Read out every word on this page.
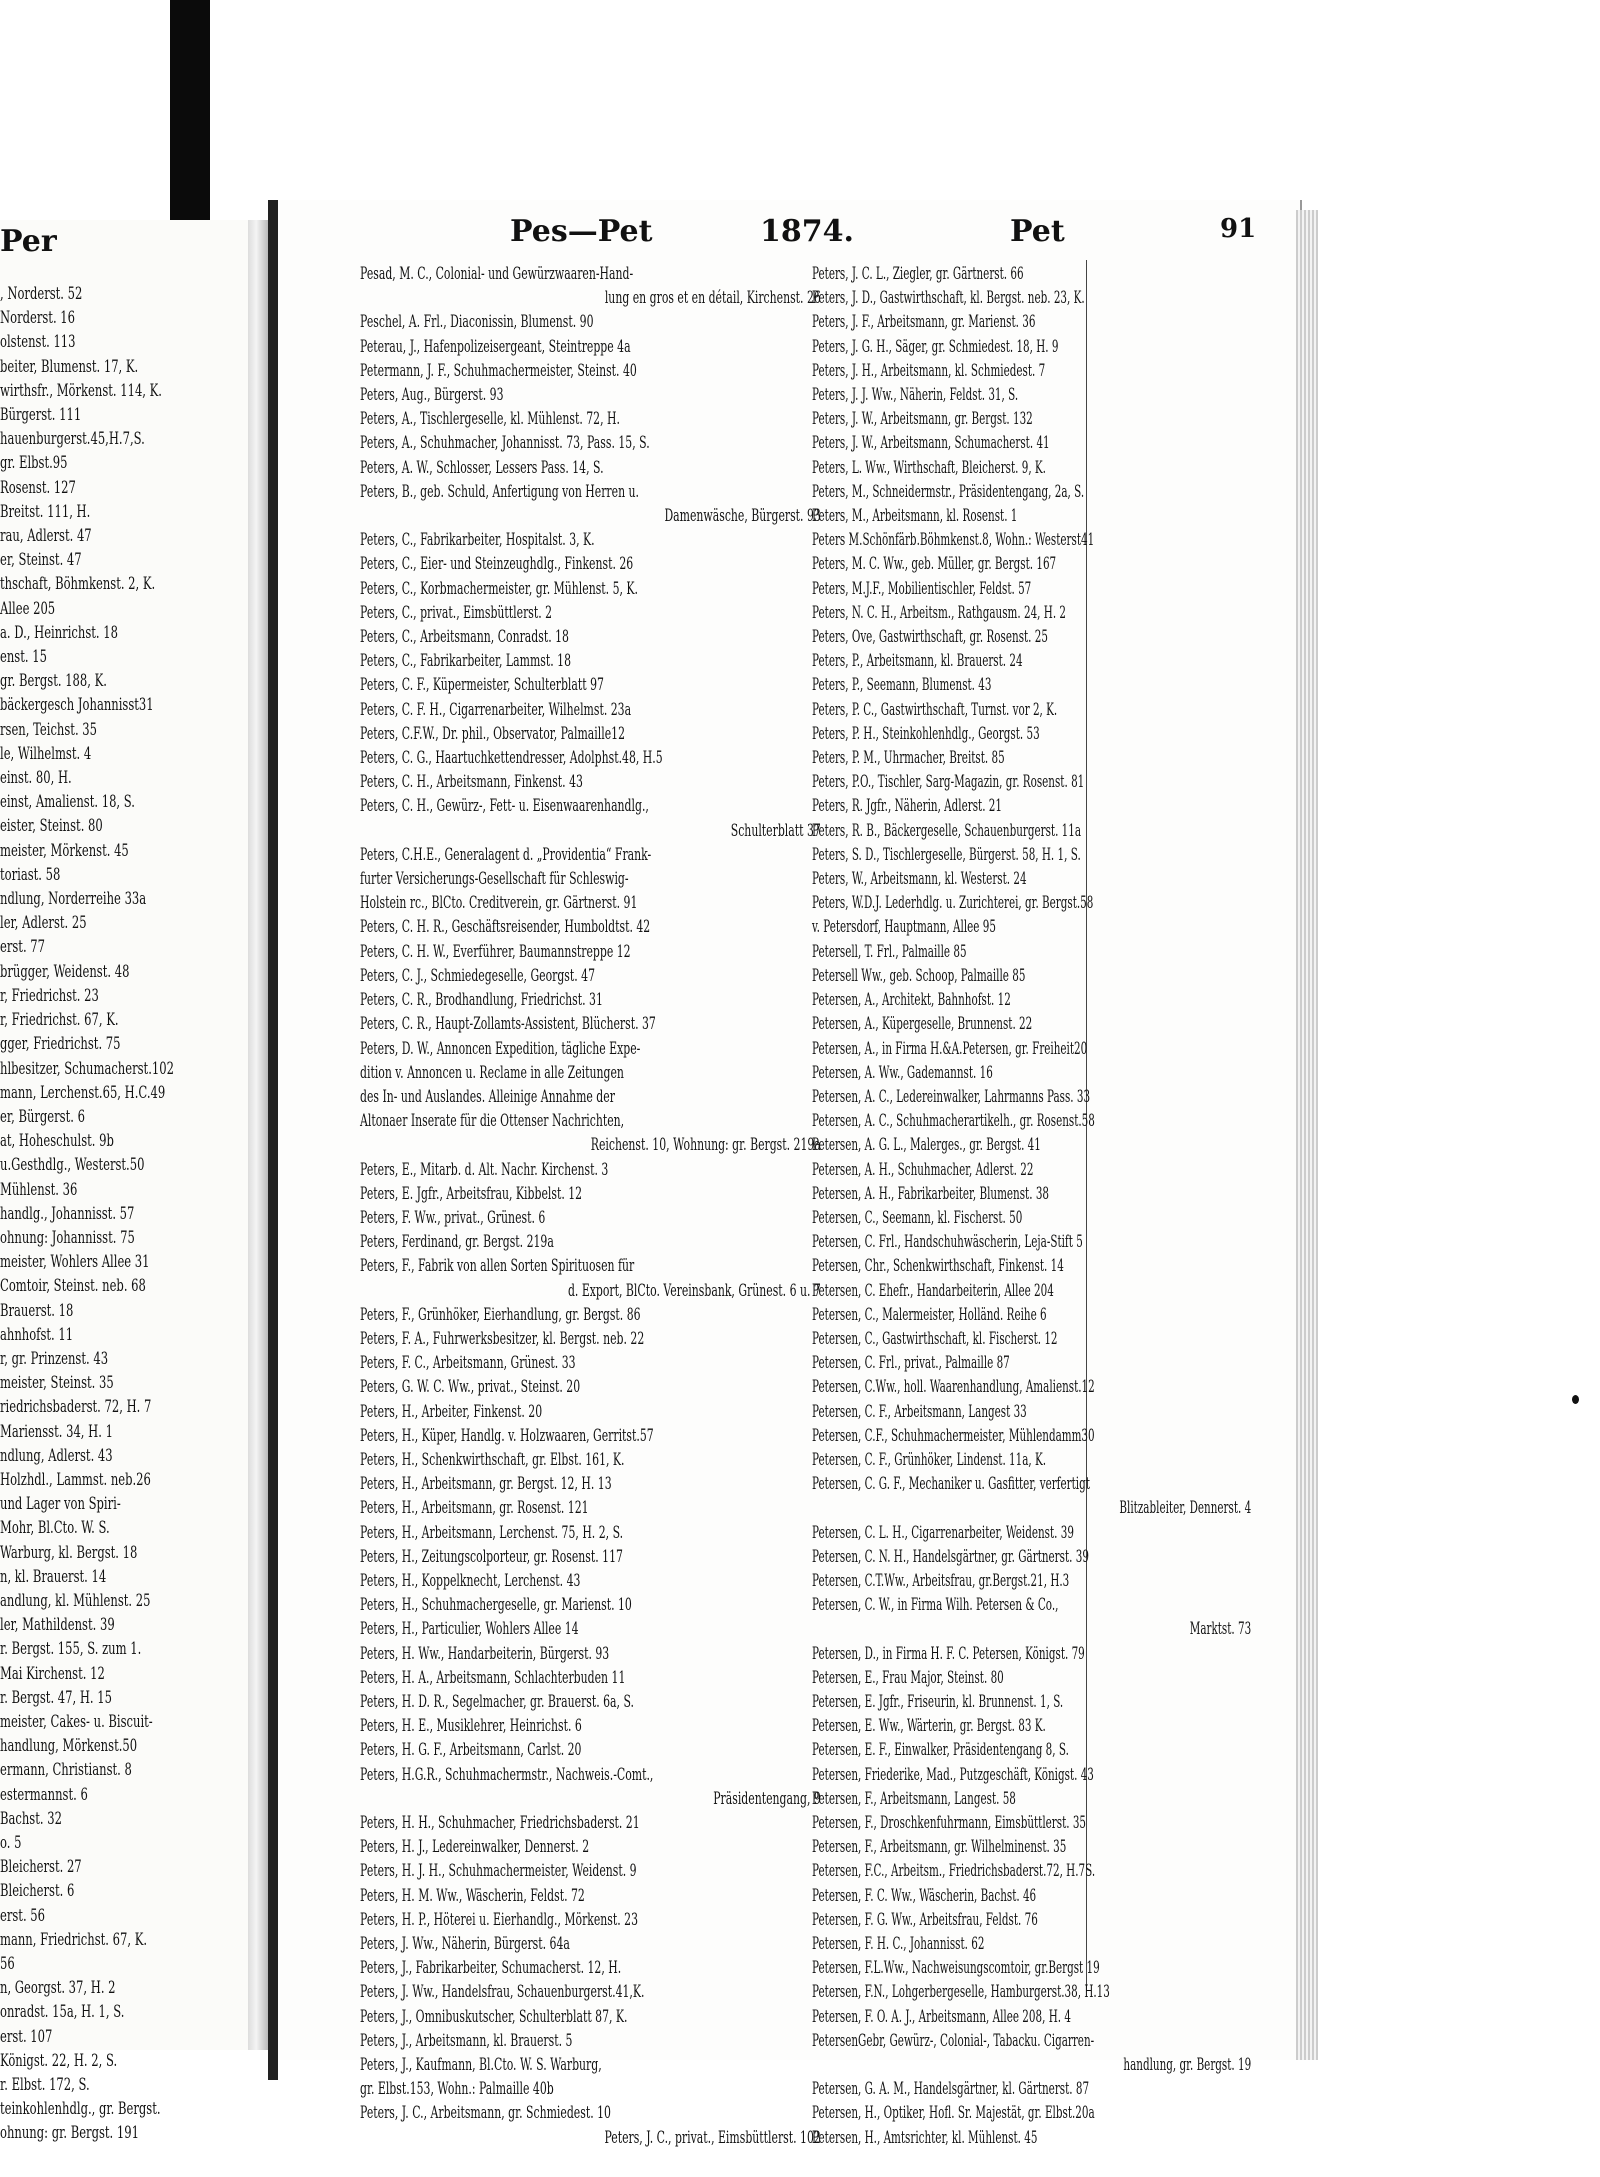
Per
, Norderst. 52
Norderst. 16
olstenst. 113
beiter, Blumenst. 17, K.
wirthsfr., Mörkenst. 114, K.
Bürgerst. 111
hauenburgerst.45,H.7,S.
gr. Elbst.95
Rosenst. 127
Breitst. 111, H.
rau, Adlerst. 47
er, Steinst. 47
thschaft, Böhmkenst. 2, K.
Allee 205
a. D., Heinrichst. 18
enst. 15
gr. Bergst. 188, K.
bäckergesch Johannisst31
rsen, Teichst. 35
le, Wilhelmst. 4
einst. 80, H.
einst, Amalienst. 18, S.
eister, Steinst. 80
meister, Mörkenst. 45
toriast. 58
ndlung, Norderreihe 33a
ler, Adlerst. 25
erst. 77
brügger, Weidenst. 48
r, Friedrichst. 23
r, Friedrichst. 67, K.
gger, Friedrichst. 75
hlbesitzer, Schumacherst.102
mann, Lerchenst.65, H.C.49
er, Bürgerst. 6
at, Hoheschulst. 9b
u.Gesthdlg., Westerst.50
Mühlenst. 36
handlg., Johannisst. 57
ohnung: Johannisst. 75
meister, Wohlers Allee 31
Comtoir, Steinst. neb. 68
Brauerst. 18
ahnhofst. 11
r, gr. Prinzenst. 43
meister, Steinst. 35
riedrichsbaderst. 72, H. 7
Mariensst. 34, H. 1
ndlung, Adlerst. 43
Holzhdl., Lammst. neb.26
und Lager von Spiri-
Mohr, Bl.Cto. W. S.
Warburg, kl. Bergst. 18
n, kl. Brauerst. 14
andlung, kl. Mühlenst. 25
ler, Mathildenst. 39
r. Bergst. 155, S. zum 1.
Mai Kirchenst. 12
r. Bergst. 47, H. 15
meister, Cakes- u. Biscuit-
handlung, Mörkenst.50
ermann, Christianst. 8
estermannst. 6
Bachst. 32
o. 5
Bleicherst. 27
Bleicherst. 6
erst. 56
mann, Friedrichst. 67, K.
56
n, Georgst. 37, H. 2
onradst. 15a, H. 1, S.
erst. 107
Königst. 22, H. 2, S.
r. Elbst. 172, S.
teinkohlenhdlg., gr. Bergst.
ohnung: gr. Bergst. 191
Pes—Pet	1874.	Pet	91
Pesad, M. C., Colonial- und Gewürzwaaren-Hand-
lung en gros et en détail, Kirchenst. 26
Peschel, A. Frl., Diaconissin, Blumenst. 90
Peterau, J., Hafenpolizeisergeant, Steintreppe 4a
Petermann, J. F., Schuhmachermeister, Steinst. 40
Peters, Aug., Bürgerst. 93
Peters, A., Tischlergeselle, kl. Mühlenst. 72, H.
Peters, A., Schuhmacher, Johannisst. 73, Pass. 15, S.
Peters, A. W., Schlosser, Lessers Pass. 14, S.
Peters, B., geb. Schuld, Anfertigung von Herren u.
Damenwäsche, Bürgerst. 93
Peters, C., Fabrikarbeiter, Hospitalst. 3, K.
Peters, C., Eier- und Steinzeughdlg., Finkenst. 26
Peters, C., Korbmachermeister, gr. Mühlenst. 5, K.
Peters, C., privat., Eimsbüttlerst. 2
Peters, C., Arbeitsmann, Conradst. 18
Peters, C., Fabrikarbeiter, Lammst. 18
Peters, C. F., Küpermeister, Schulterblatt 97
Peters, C. F. H., Cigarrenarbeiter, Wilhelmst. 23a
Peters, C.F.W., Dr. phil., Observator, Palmaille12
Peters, C. G., Haartuchkettendresser, Adolphst.48, H.5
Peters, C. H., Arbeitsmann, Finkenst. 43
Peters, C. H., Gewürz-, Fett- u. Eisenwaarenhandlg.,
Schulterblatt 37
Peters, C.H.E., Generalagent d. „Providentia“ Frank-
furter Versicherungs-Gesellschaft für Schleswig-
Holstein rc., BlCto. Creditverein, gr. Gärtnerst. 91
Peters, C. H. R., Geschäftsreisender, Humboldtst. 42
Peters, C. H. W., Everführer, Baumannstreppe 12
Peters, C. J., Schmiedegeselle, Georgst. 47
Peters, C. R., Brodhandlung, Friedrichst. 31
Peters, C. R., Haupt-Zollamts-Assistent, Blücherst. 37
Peters, D. W., Annoncen Expedition, tägliche Expe-
dition v. Annoncen u. Reclame in alle Zeitungen
des In- und Auslandes. Alleinige Annahme der
Altonaer Inserate für die Ottenser Nachrichten,
Reichenst. 10, Wohnung: gr. Bergst. 219a
Peters, E., Mitarb. d. Alt. Nachr. Kirchenst. 3
Peters, E. Jgfr., Arbeitsfrau, Kibbelst. 12
Peters, F. Ww., privat., Grünest. 6
Peters, Ferdinand, gr. Bergst. 219a
Peters, F., Fabrik von allen Sorten Spirituosen für
d. Export, BlCto. Vereinsbank, Grünest. 6 u. 7
Peters, F., Grünhöker, Eierhandlung, gr. Bergst. 86
Peters, F. A., Fuhrwerksbesitzer, kl. Bergst. neb. 22
Peters, F. C., Arbeitsmann, Grünest. 33
Peters, G. W. C. Ww., privat., Steinst. 20
Peters, H., Arbeiter, Finkenst. 20
Peters, H., Küper, Handlg. v. Holzwaaren, Gerritst.57
Peters, H., Schenkwirthschaft, gr. Elbst. 161, K.
Peters, H., Arbeitsmann, gr. Bergst. 12, H. 13
Peters, H., Arbeitsmann, gr. Rosenst. 121
Peters, H., Arbeitsmann, Lerchenst. 75, H. 2, S.
Peters, H., Zeitungscolporteur, gr. Rosenst. 117
Peters, H., Koppelknecht, Lerchenst. 43
Peters, H., Schuhmachergeselle, gr. Marienst. 10
Peters, H., Particulier, Wohlers Allee 14
Peters, H. Ww., Handarbeiterin, Bürgerst. 93
Peters, H. A., Arbeitsmann, Schlachterbuden 11
Peters, H. D. R., Segelmacher, gr. Brauerst. 6a, S.
Peters, H. E., Musiklehrer, Heinrichst. 6
Peters, H. G. F., Arbeitsmann, Carlst. 20
Peters, H.G.R., Schuhmachermstr., Nachweis.-Comt.,
Präsidentengang, 9
Peters, H. H., Schuhmacher, Friedrichsbaderst. 21
Peters, H. J., Ledereinwalker, Dennerst. 2
Peters, H. J. H., Schuhmachermeister, Weidenst. 9
Peters, H. M. Ww., Wäscherin, Feldst. 72
Peters, H. P., Höterei u. Eierhandlg., Mörkenst. 23
Peters, J. Ww., Näherin, Bürgerst. 64a
Peters, J., Fabrikarbeiter, Schumacherst. 12, H.
Peters, J. Ww., Handelsfrau, Schauenburgerst.41,K.
Peters, J., Omnibuskutscher, Schulterblatt 87, K.
Peters, J., Arbeitsmann, kl. Brauerst. 5
Peters, J., Kaufmann, Bl.Cto. W. S. Warburg,
gr. Elbst.153, Wohn.: Palmaille 40b
Peters, J. C., Arbeitsmann, gr. Schmiedest. 10
Peters, J. C., privat., Eimsbüttlerst. 102
Peters, J. C. L., Ziegler, gr. Gärtnerst. 66
Peters, J. D., Gastwirthschaft, kl. Bergst. neb. 23, K.
Peters, J. F., Arbeitsmann, gr. Marienst. 36
Peters, J. G. H., Säger, gr. Schmiedest. 18, H. 9
Peters, J. H., Arbeitsmann, kl. Schmiedest. 7
Peters, J. J. Ww., Näherin, Feldst. 31, S.
Peters, J. W., Arbeitsmann, gr. Bergst. 132
Peters, J. W., Arbeitsmann, Schumacherst. 41
Peters, L. Ww., Wirthschaft, Bleicherst. 9, K.
Peters, M., Schneidermstr., Präsidentengang, 2a, S.
Peters, M., Arbeitsmann, kl. Rosenst. 1
Peters M.Schönfärb.Böhmkenst.8, Wohn.: Westerst41
Peters, M. C. Ww., geb. Müller, gr. Bergst. 167
Peters, M.J.F., Mobilientischler, Feldst. 57
Peters, N. C. H., Arbeitsm., Rathgausm. 24, H. 2
Peters, Ove, Gastwirthschaft, gr. Rosenst. 25
Peters, P., Arbeitsmann, kl. Brauerst. 24
Peters, P., Seemann, Blumenst. 43
Peters, P. C., Gastwirthschaft, Turnst. vor 2, K.
Peters, P. H., Steinkohlenhdlg., Georgst. 53
Peters, P. M., Uhrmacher, Breitst. 85
Peters, P.O., Tischler, Sarg-Magazin, gr. Rosenst. 81
Peters, R. Jgfr., Näherin, Adlerst. 21
Peters, R. B., Bäckergeselle, Schauenburgerst. 11a
Peters, S. D., Tischlergeselle, Bürgerst. 58, H. 1, S.
Peters, W., Arbeitsmann, kl. Westerst. 24
Peters, W.D.J. Lederhdlg. u. Zurichterei, gr. Bergst.58
v. Petersdorf, Hauptmann, Allee 95
Petersell, T. Frl., Palmaille 85
Petersell Ww., geb. Schoop, Palmaille 85
Petersen, A., Architekt, Bahnhofst. 12
Petersen, A., Küpergeselle, Brunnenst. 22
Petersen, A., in Firma H.&A.Petersen, gr. Freiheit20
Petersen, A. Ww., Gademannst. 16
Petersen, A. C., Ledereinwalker, Lahrmanns Pass. 33
Petersen, A. C., Schuhmacherartikelh., gr. Rosenst.58
Petersen, A. G. L., Malerges., gr. Bergst. 41
Petersen, A. H., Schuhmacher, Adlerst. 22
Petersen, A. H., Fabrikarbeiter, Blumenst. 38
Petersen, C., Seemann, kl. Fischerst. 50
Petersen, C. Frl., Handschuhwäscherin, Leja-Stift 5
Petersen, Chr., Schenkwirthschaft, Finkenst. 14
Petersen, C. Ehefr., Handarbeiterin, Allee 204
Petersen, C., Malermeister, Holländ. Reihe 6
Petersen, C., Gastwirthschaft, kl. Fischerst. 12
Petersen, C. Frl., privat., Palmaille 87
Petersen, C.Ww., holl. Waarenhandlung, Amalienst.12
Petersen, C. F., Arbeitsmann, Langest 33
Petersen, C.F., Schuhmachermeister, Mühlendamm30
Petersen, C. F., Grünhöker, Lindenst. 11a, K.
Petersen, C. G. F., Mechaniker u. Gasfitter, verfertigt
Blitzableiter, Dennerst. 4
Petersen, C. L. H., Cigarrenarbeiter, Weidenst. 39
Petersen, C. N. H., Handelsgärtner, gr. Gärtnerst. 39
Petersen, C.T.Ww., Arbeitsfrau, gr.Bergst.21, H.3
Petersen, C. W., in Firma Wilh. Petersen & Co.,
Marktst. 73
Petersen, D., in Firma H. F. C. Petersen, Königst. 79
Petersen, E., Frau Major, Steinst. 80
Petersen, E. Jgfr., Friseurin, kl. Brunnenst. 1, S.
Petersen, E. Ww., Wärterin, gr. Bergst. 83 K.
Petersen, E. F., Einwalker, Präsidentengang 8, S.
Petersen, Friederike, Mad., Putzgeschäft, Königst. 43
Petersen, F., Arbeitsmann, Langest. 58
Petersen, F., Droschkenfuhrmann, Eimsbüttlerst. 35
Petersen, F., Arbeitsmann, gr. Wilhelminenst. 35
Petersen, F.C., Arbeitsm., Friedrichsbaderst.72, H.7S.
Petersen, F. C. Ww., Wäscherin, Bachst. 46
Petersen, F. G. Ww., Arbeitsfrau, Feldst. 76
Petersen, F. H. C., Johannisst. 62
Petersen, F.L.Ww., Nachweisungscomtoir, gr.Bergst 19
Petersen, F.N., Lohgerbergeselle, Hamburgerst.38, H.13
Petersen, F. O. A. J., Arbeitsmann, Allee 208, H. 4
PetersenGebr, Gewürz-, Colonial-, Tabacku. Cigarren-
handlung, gr. Bergst. 19
Petersen, G. A. M., Handelsgärtner, kl. Gärtnerst. 87
Petersen, H., Optiker, Hofl. Sr. Majestät, gr. Elbst.20a
Petersen, H., Amtsrichter, kl. Mühlenst. 45
